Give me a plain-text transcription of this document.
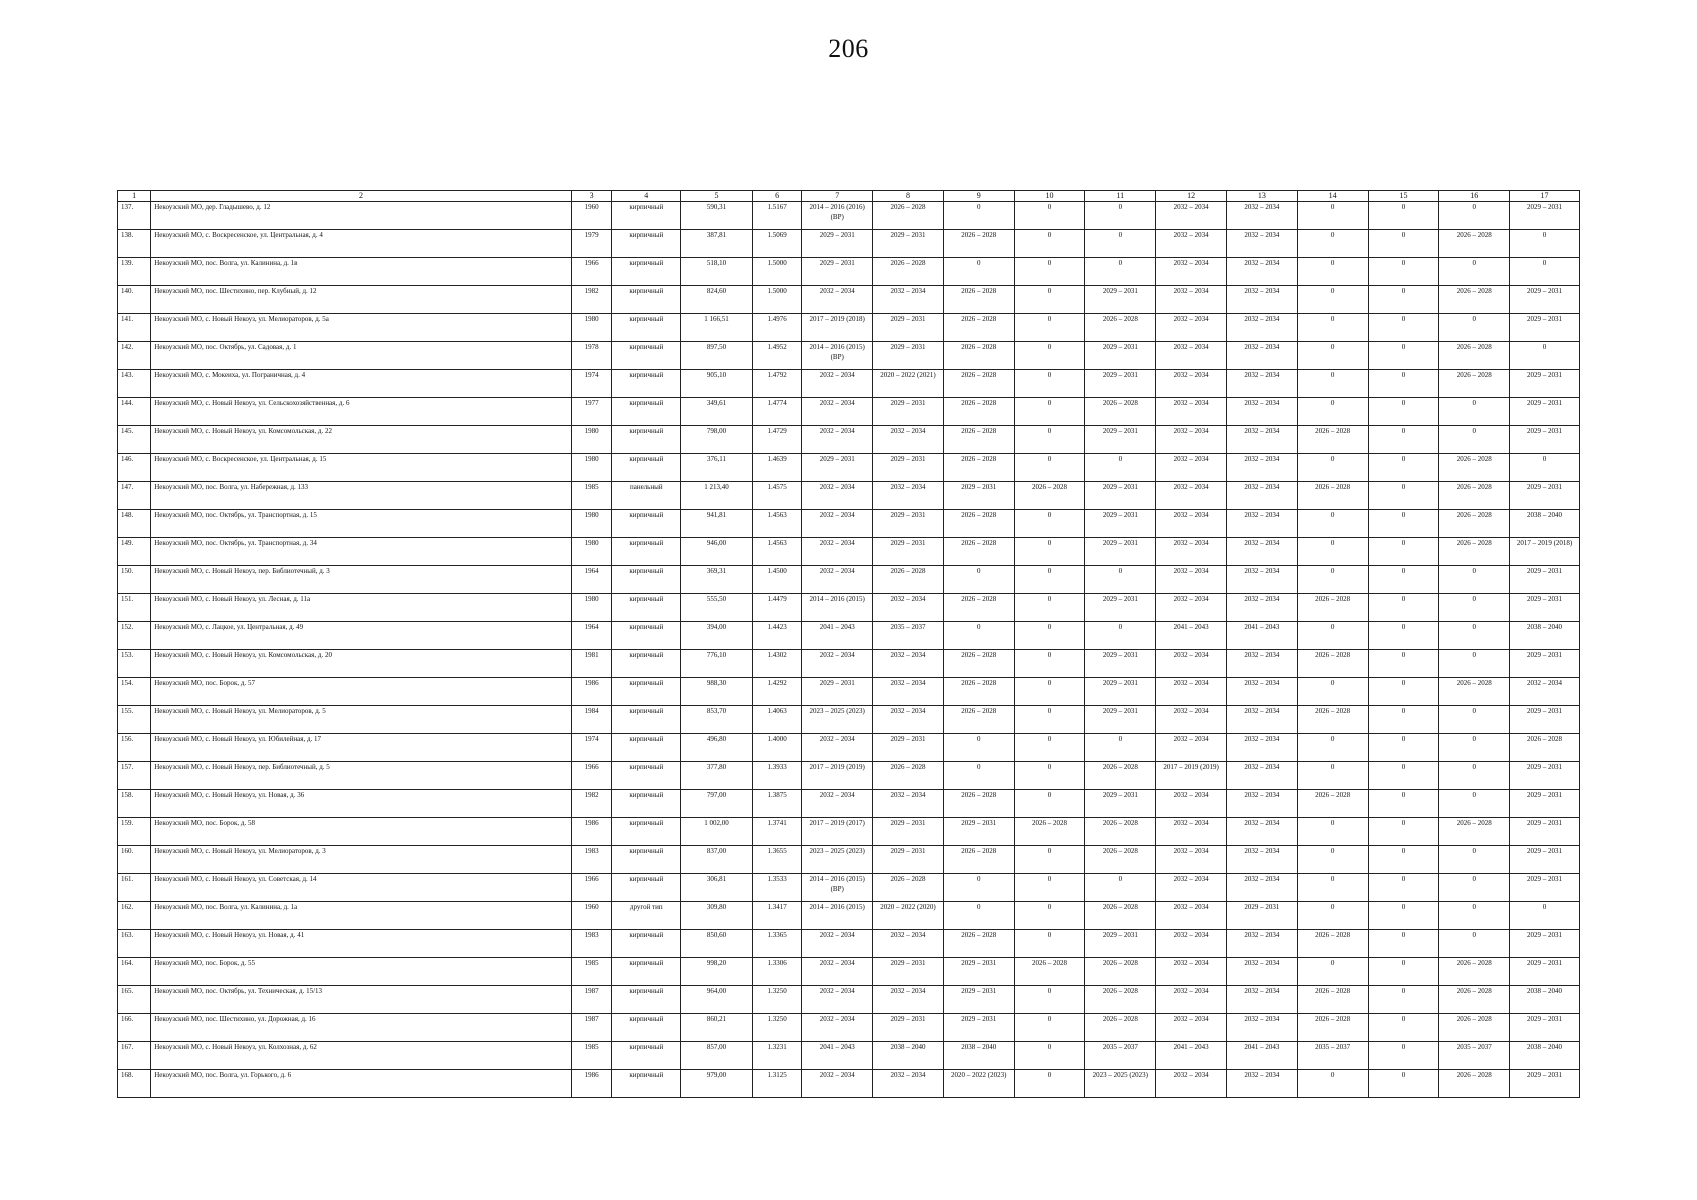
206
1	2	3	4	5	6	7	8	9	10	11	12	13	14	15	16	17
137.	Некоузский МО, дер. Гладышево, д. 12	1960	кирпичный	590,31	1.5167	2014 – 2016 (2016) (ВР)	2026 – 2028	0	0	0	2032 – 2034	2032 – 2034	0	0	0	2029 – 2031
138.	Некоузский МО, с. Воскресенское, ул. Центральная, д. 4	1979	кирпичный	387,81	1.5069	2029 – 2031	2029 – 2031	2026 – 2028	0	0	2032 – 2034	2032 – 2034	0	0	2026 – 2028	0
139.	Некоузский МО, пос. Волга, ул. Калинина, д. 1в	1966	кирпичный	518,10	1.5000	2029 – 2031	2026 – 2028	0	0	0	2032 – 2034	2032 – 2034	0	0	0	0
140.	Некоузский МО, пос. Шестихино, пер. Клубный, д. 12	1982	кирпичный	824,60	1.5000	2032 – 2034	2032 – 2034	2026 – 2028	0	2029 – 2031	2032 – 2034	2032 – 2034	0	0	2026 – 2028	2029 – 2031
141.	Некоузский МО, с. Новый Некоуз, ул. Мелиораторов, д. 5а	1980	кирпичный	1 166,51	1.4976	2017 – 2019 (2018)	2029 – 2031	2026 – 2028	0	2026 – 2028	2032 – 2034	2032 – 2034	0	0	0	2029 – 2031
142.	Некоузский МО, пос. Октябрь, ул. Садовая, д. 1	1978	кирпичный	897,50	1.4952	2014 – 2016 (2015) (ВР)	2029 – 2031	2026 – 2028	0	2029 – 2031	2032 – 2034	2032 – 2034	0	0	2026 – 2028	0
143.	Некоузский МО, с. Мокеиха, ул. Пограничная, д. 4	1974	кирпичный	905,10	1.4792	2032 – 2034	2020 – 2022 (2021)	2026 – 2028	0	2029 – 2031	2032 – 2034	2032 – 2034	0	0	2026 – 2028	2029 – 2031
144.	Некоузский МО, с. Новый Некоуз, ул. Сельскохозяйственная, д. 6	1977	кирпичный	349,61	1.4774	2032 – 2034	2029 – 2031	2026 – 2028	0	2026 – 2028	2032 – 2034	2032 – 2034	0	0	0	2029 – 2031
145.	Некоузский МО, с. Новый Некоуз, ул. Комсомольская, д. 22	1980	кирпичный	798,00	1.4729	2032 – 2034	2032 – 2034	2026 – 2028	0	2029 – 2031	2032 – 2034	2032 – 2034	2026 – 2028	0	0	2029 – 2031
146.	Некоузский МО, с. Воскресенское, ул. Центральная, д. 15	1980	кирпичный	376,11	1.4639	2029 – 2031	2029 – 2031	2026 – 2028	0	0	2032 – 2034	2032 – 2034	0	0	2026 – 2028	0
147.	Некоузский МО, пос. Волга, ул. Набережная, д. 133	1985	панельный	1 213,40	1.4575	2032 – 2034	2032 – 2034	2029 – 2031	2026 – 2028	2029 – 2031	2032 – 2034	2032 – 2034	2026 – 2028	0	2026 – 2028	2029 – 2031
148.	Некоузский МО, пос. Октябрь, ул. Транспортная, д. 15	1980	кирпичный	941,81	1.4563	2032 – 2034	2029 – 2031	2026 – 2028	0	2029 – 2031	2032 – 2034	2032 – 2034	0	0	2026 – 2028	2038 – 2040
149.	Некоузский МО, пос. Октябрь, ул. Транспортная, д. 34	1980	кирпичный	946,00	1.4563	2032 – 2034	2029 – 2031	2026 – 2028	0	2029 – 2031	2032 – 2034	2032 – 2034	0	0	2026 – 2028	2017 – 2019 (2018)
150.	Некоузский МО, с. Новый Некоуз, пер. Библиотечный, д. 3	1964	кирпичный	369,31	1.4500	2032 – 2034	2026 – 2028	0	0	0	2032 – 2034	2032 – 2034	0	0	0	2029 – 2031
151.	Некоузский МО, с. Новый Некоуз, ул. Лесная, д. 11а	1980	кирпичный	555,50	1.4479	2014 – 2016 (2015)	2032 – 2034	2026 – 2028	0	2029 – 2031	2032 – 2034	2032 – 2034	2026 – 2028	0	0	2029 – 2031
152.	Некоузский МО, с. Лацкое, ул. Центральная, д. 49	1964	кирпичный	394,00	1.4423	2041 – 2043	2035 – 2037	0	0	0	2041 – 2043	2041 – 2043	0	0	0	2038 – 2040
153.	Некоузский МО, с. Новый Некоуз, ул. Комсомольская, д. 20	1981	кирпичный	776,10	1.4302	2032 – 2034	2032 – 2034	2026 – 2028	0	2029 – 2031	2032 – 2034	2032 – 2034	2026 – 2028	0	0	2029 – 2031
154.	Некоузский МО, пос. Борок, д. 57	1986	кирпичный	988,30	1.4292	2029 – 2031	2032 – 2034	2026 – 2028	0	2029 – 2031	2032 – 2034	2032 – 2034	0	0	2026 – 2028	2032 – 2034
155.	Некоузский МО, с. Новый Некоуз, ул. Мелиораторов, д. 5	1984	кирпичный	853,70	1.4063	2023 – 2025 (2023)	2032 – 2034	2026 – 2028	0	2029 – 2031	2032 – 2034	2032 – 2034	2026 – 2028	0	0	2029 – 2031
156.	Некоузский МО, с. Новый Некоуз, ул. Юбилейная, д. 17	1974	кирпичный	496,80	1.4000	2032 – 2034	2029 – 2031	0	0	0	2032 – 2034	2032 – 2034	0	0	0	2026 – 2028
157.	Некоузский МО, с. Новый Некоуз, пер. Библиотечный, д. 5	1966	кирпичный	377,80	1.3933	2017 – 2019 (2019)	2026 – 2028	0	0	2026 – 2028	2017 – 2019 (2019)	2032 – 2034	0	0	0	2029 – 2031
158.	Некоузский МО, с. Новый Некоуз, ул. Новая, д. 36	1982	кирпичный	797,00	1.3875	2032 – 2034	2032 – 2034	2026 – 2028	0	2029 – 2031	2032 – 2034	2032 – 2034	2026 – 2028	0	0	2029 – 2031
159.	Некоузский МО, пос. Борок, д. 58	1986	кирпичный	1 002,00	1.3741	2017 – 2019 (2017)	2029 – 2031	2029 – 2031	2026 – 2028	2026 – 2028	2032 – 2034	2032 – 2034	0	0	2026 – 2028	2029 – 2031
160.	Некоузский МО, с. Новый Некоуз, ул. Мелиораторов, д. 3	1983	кирпичный	837,00	1.3655	2023 – 2025 (2023)	2029 – 2031	2026 – 2028	0	2026 – 2028	2032 – 2034	2032 – 2034	0	0	0	2029 – 2031
161.	Некоузский МО, с. Новый Некоуз, ул. Советская, д. 14	1966	кирпичный	306,81	1.3533	2014 – 2016 (2015) (ВР)	2026 – 2028	0	0	0	2032 – 2034	2032 – 2034	0	0	0	2029 – 2031
162.	Некоузский МО, пос. Волга, ул. Калинина, д. 1а	1960	другой тип	309,80	1.3417	2014 – 2016 (2015)	2020 – 2022 (2020)	0	0	2026 – 2028	2032 – 2034	2029 – 2031	0	0	0	0
163.	Некоузский МО, с. Новый Некоуз, ул. Новая, д. 41	1983	кирпичный	850,60	1.3365	2032 – 2034	2032 – 2034	2026 – 2028	0	2029 – 2031	2032 – 2034	2032 – 2034	2026 – 2028	0	0	2029 – 2031
164.	Некоузский МО, пос. Борок, д. 55	1985	кирпичный	998,20	1.3306	2032 – 2034	2029 – 2031	2029 – 2031	2026 – 2028	2026 – 2028	2032 – 2034	2032 – 2034	0	0	2026 – 2028	2029 – 2031
165.	Некоузский МО, пос. Октябрь, ул. Техническая, д. 15/13	1987	кирпичный	964,00	1.3250	2032 – 2034	2032 – 2034	2029 – 2031	0	2026 – 2028	2032 – 2034	2032 – 2034	2026 – 2028	0	2026 – 2028	2038 – 2040
166.	Некоузский МО, пос. Шестихино, ул. Дорожная, д. 16	1987	кирпичный	860,21	1.3250	2032 – 2034	2029 – 2031	2029 – 2031	0	2026 – 2028	2032 – 2034	2032 – 2034	2026 – 2028	0	2026 – 2028	2029 – 2031
167.	Некоузский МО, с. Новый Некоуз, ул. Колхозная, д. 62	1985	кирпичный	857,00	1.3231	2041 – 2043	2038 – 2040	2038 – 2040	0	2035 – 2037	2041 – 2043	2041 – 2043	2035 – 2037	0	2035 – 2037	2038 – 2040
168.	Некоузский МО, пос. Волга, ул. Горького, д. 6	1986	кирпичный	979,00	1.3125	2032 – 2034	2032 – 2034	2020 – 2022 (2023)	0	2023 – 2025 (2023)	2032 – 2034	2032 – 2034	0	0	2026 – 2028	2029 – 2031
